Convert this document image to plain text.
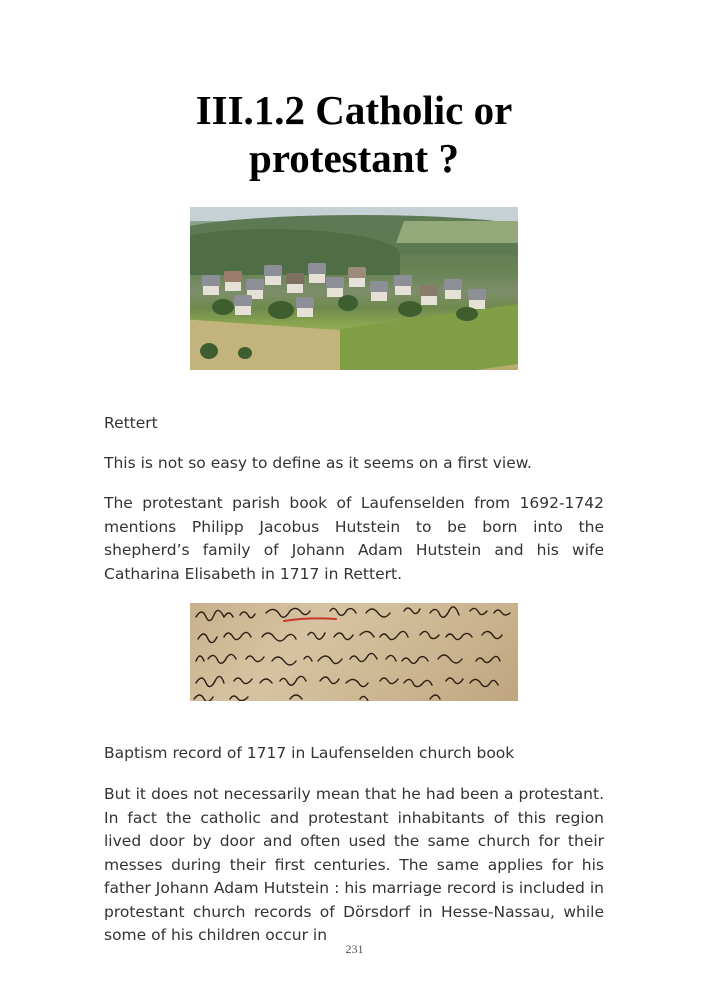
III.1.2 Catholic or
protestant ?

Rettert

This is not so easy to define as it seems on a first view.

The protestant parish book of Laufenselden from 1692-1742 mentions Philipp Jacobus Hutstein to be born into the shepherd’s family of Johann Adam Hutstein and his wife Catharina Elisabeth in 1717 in Rettert.

Baptism record of 1717 in Laufenselden church book

But it does not necessarily mean that he had been a protestant. In fact the catholic and protestant inhabitants of this region lived door by door and often used the same church for their messes during their first centuries. The same applies for his father Johann Adam Hutstein : his marriage record is included in protestant church records of Dörsdorf in Hesse-Nassau, while some of his children occur in

231
